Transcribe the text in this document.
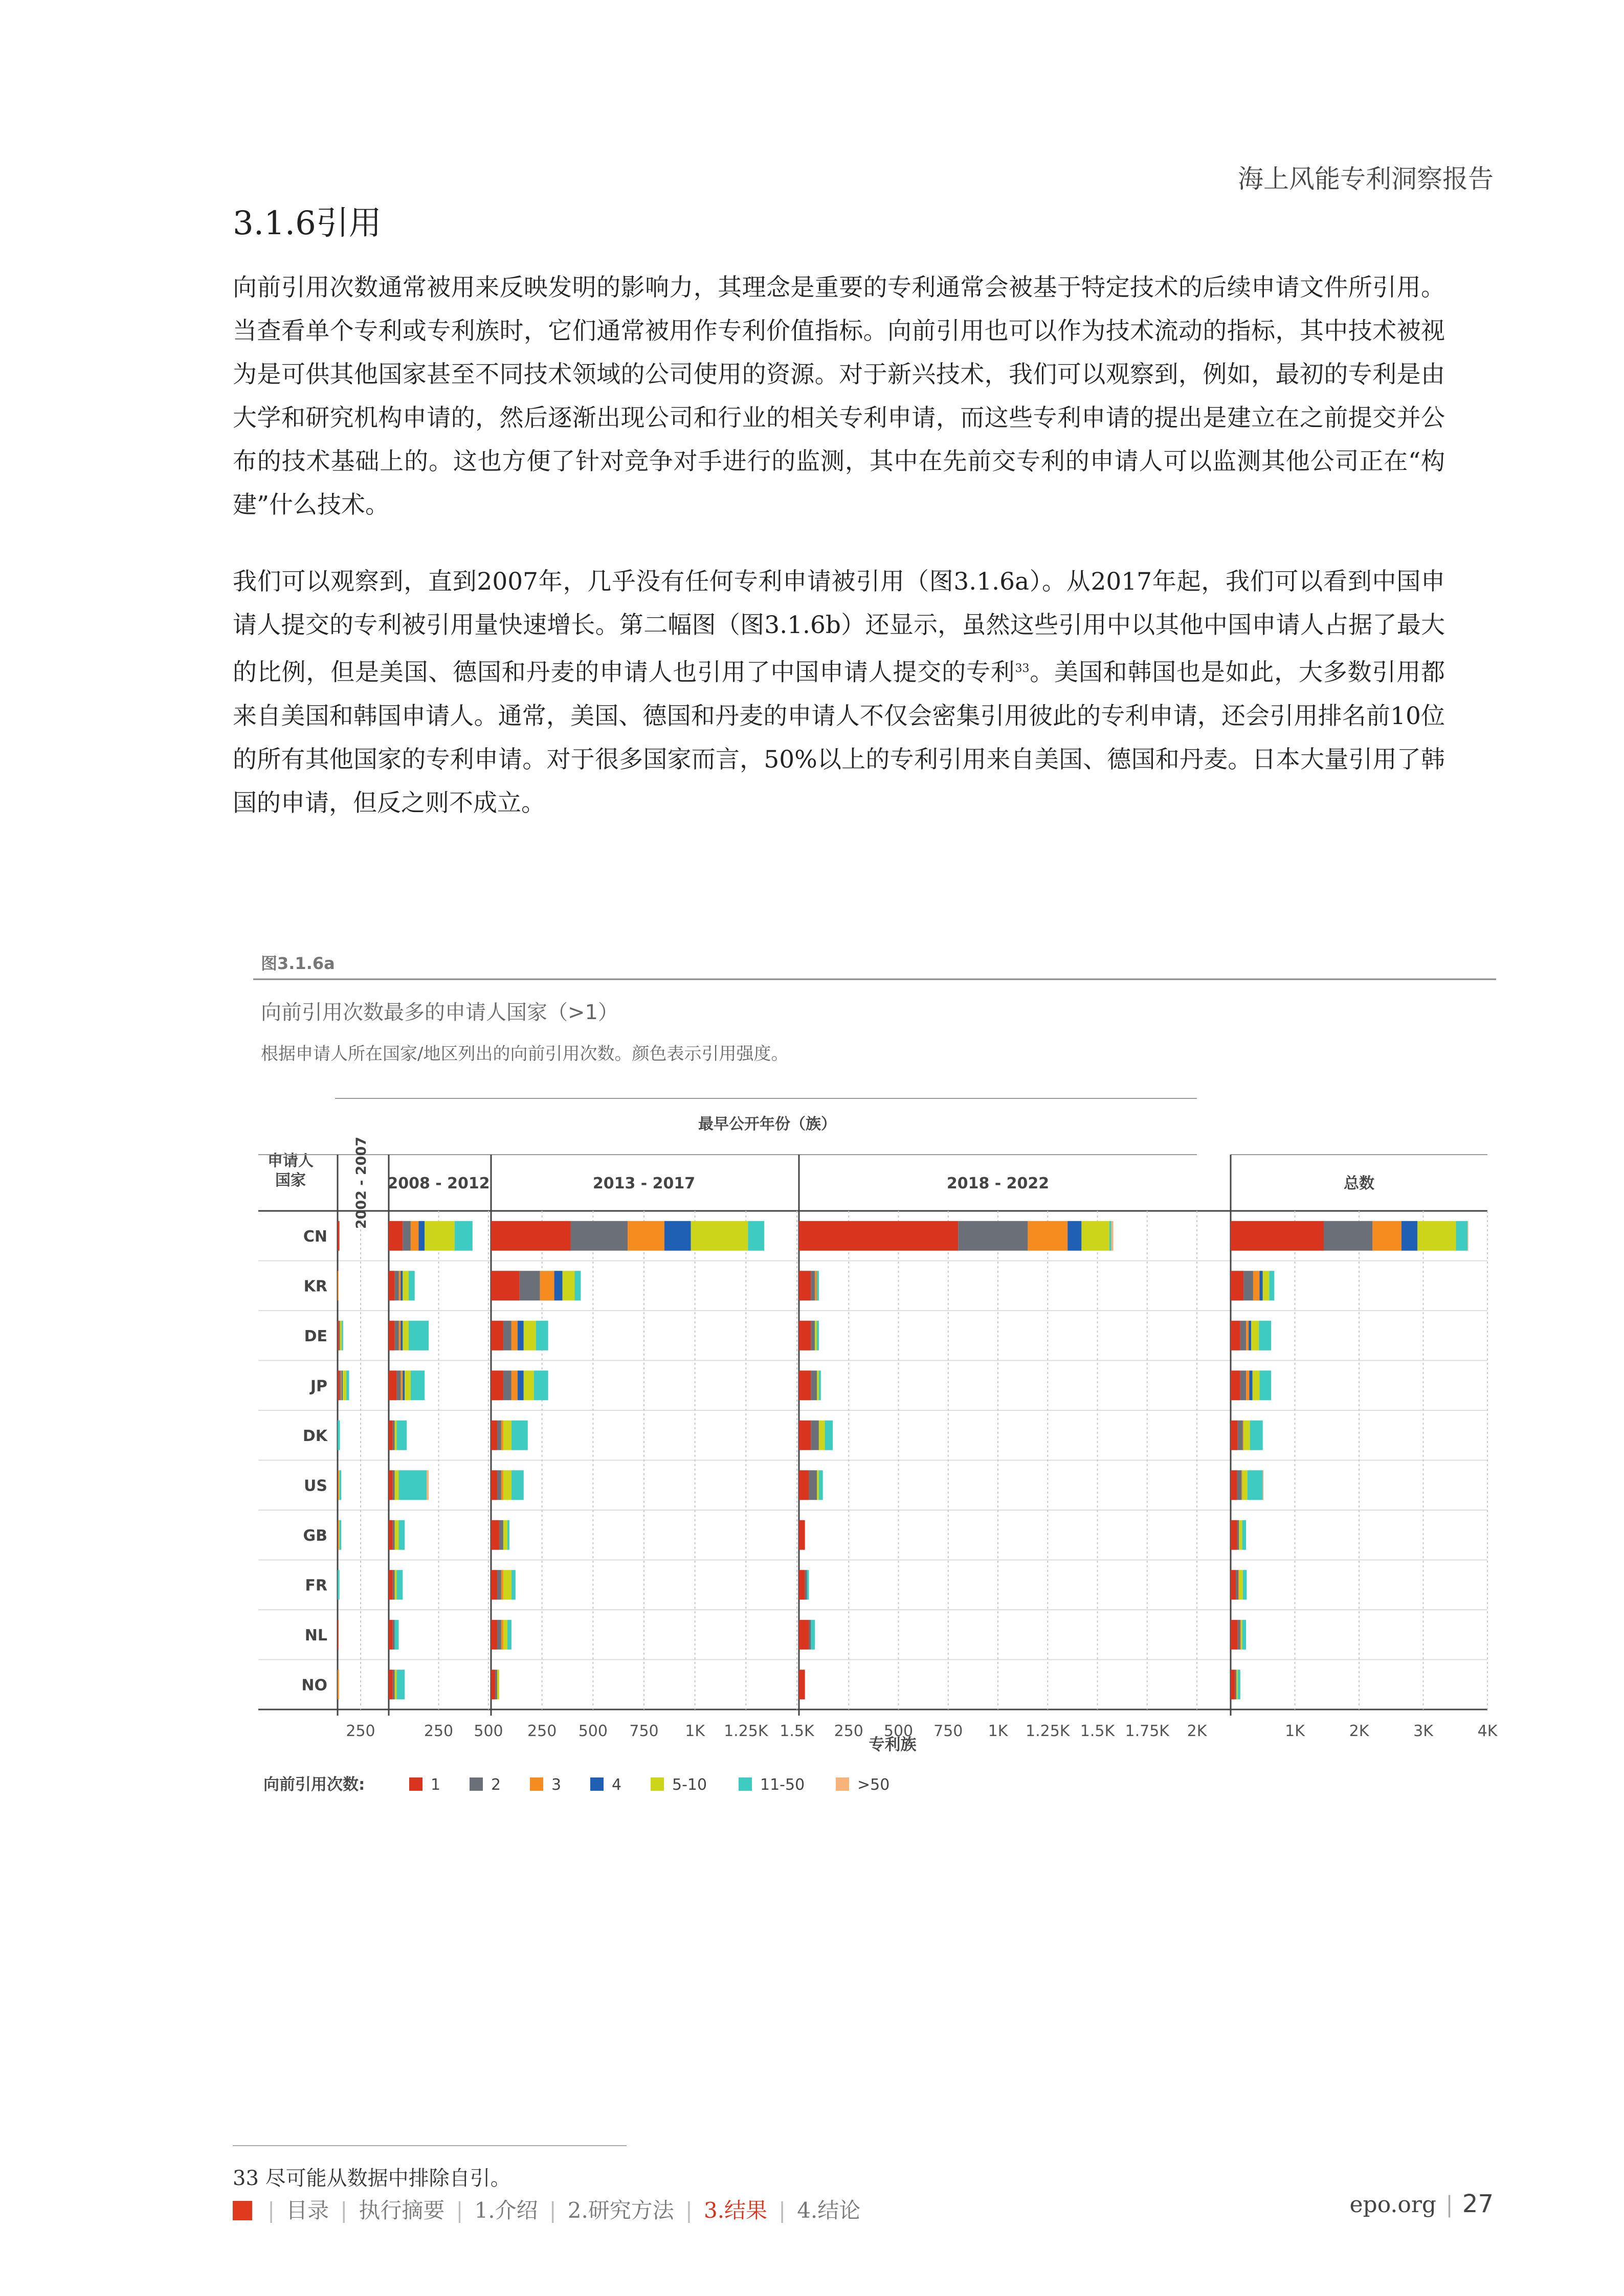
海上风能专利洞察报告
3.1.6引用
向前引用次数通常被用来反映发明的影响力，其理念是重要的专利通常会被基于特定技术的后续申请文件所引用。当查看单个专利或专利族时，它们通常被用作专利价值指标。向前引用也可以作为技术流动的指标，其中技术被视为是可供其他国家甚至不同技术领域的公司使用的资源。对于新兴技术，我们可以观察到，例如，最初的专利是由大学和研究机构申请的，然后逐渐出现公司和行业的相关专利申请，而这些专利申请的提出是建立在之前提交并公布的技术基础上的。这也方便了针对竞争对手进行的监测，其中在先前交专利的申请人可以监测其他公司正在“构建”什么技术。
我们可以观察到，直到2007年，几乎没有任何专利申请被引用（图3.1.6a）。从2017年起，我们可以看到中国申请人提交的专利被引用量快速增长。第二幅图（图3.1.6b）还显示，虽然这些引用中以其他中国申请人占据了最大的比例，但是美国、德国和丹麦的申请人也引用了中国申请人提交的专利$^{33}$。美国和韩国也是如此，大多数引用都来自美国和韩国申请人。通常，美国、德国和丹麦的申请人不仅会密集引用彼此的专利申请，还会引用排名前10位的所有其他国家的专利申请。对于很多国家而言，50%以上的专利引用来自美国、德国和丹麦。日本大量引用了韩国的申请，但反之则不成立。
图3.1.6a
向前引用次数最多的申请人国家（>1）
根据申请人所在国家/地区列出的向前引用次数。颜色表示引用强度。
最早公开年份（族）
申请人
国家
专利族
向前引用次数:
CN
KR
DE
JP
DK
US
GB
FR
NL
NO
2002 - 2007
250
2008 - 2012
250 500
2013 - 2017
250 500 750 1K 1.25K 1.5K
2018 - 2022
250 500 750 1K 1.25K 1.5K 1.75K 2K
总数
1K	2K	3K	4K
1	2	3	4	5-10	11-50	>50
33 尽可能从数据中排除自引。
| 目录 | 执行摘要 | 1.介绍 | 2.研究方法 | 3.结果 | 4.结论	epo.org | 27
